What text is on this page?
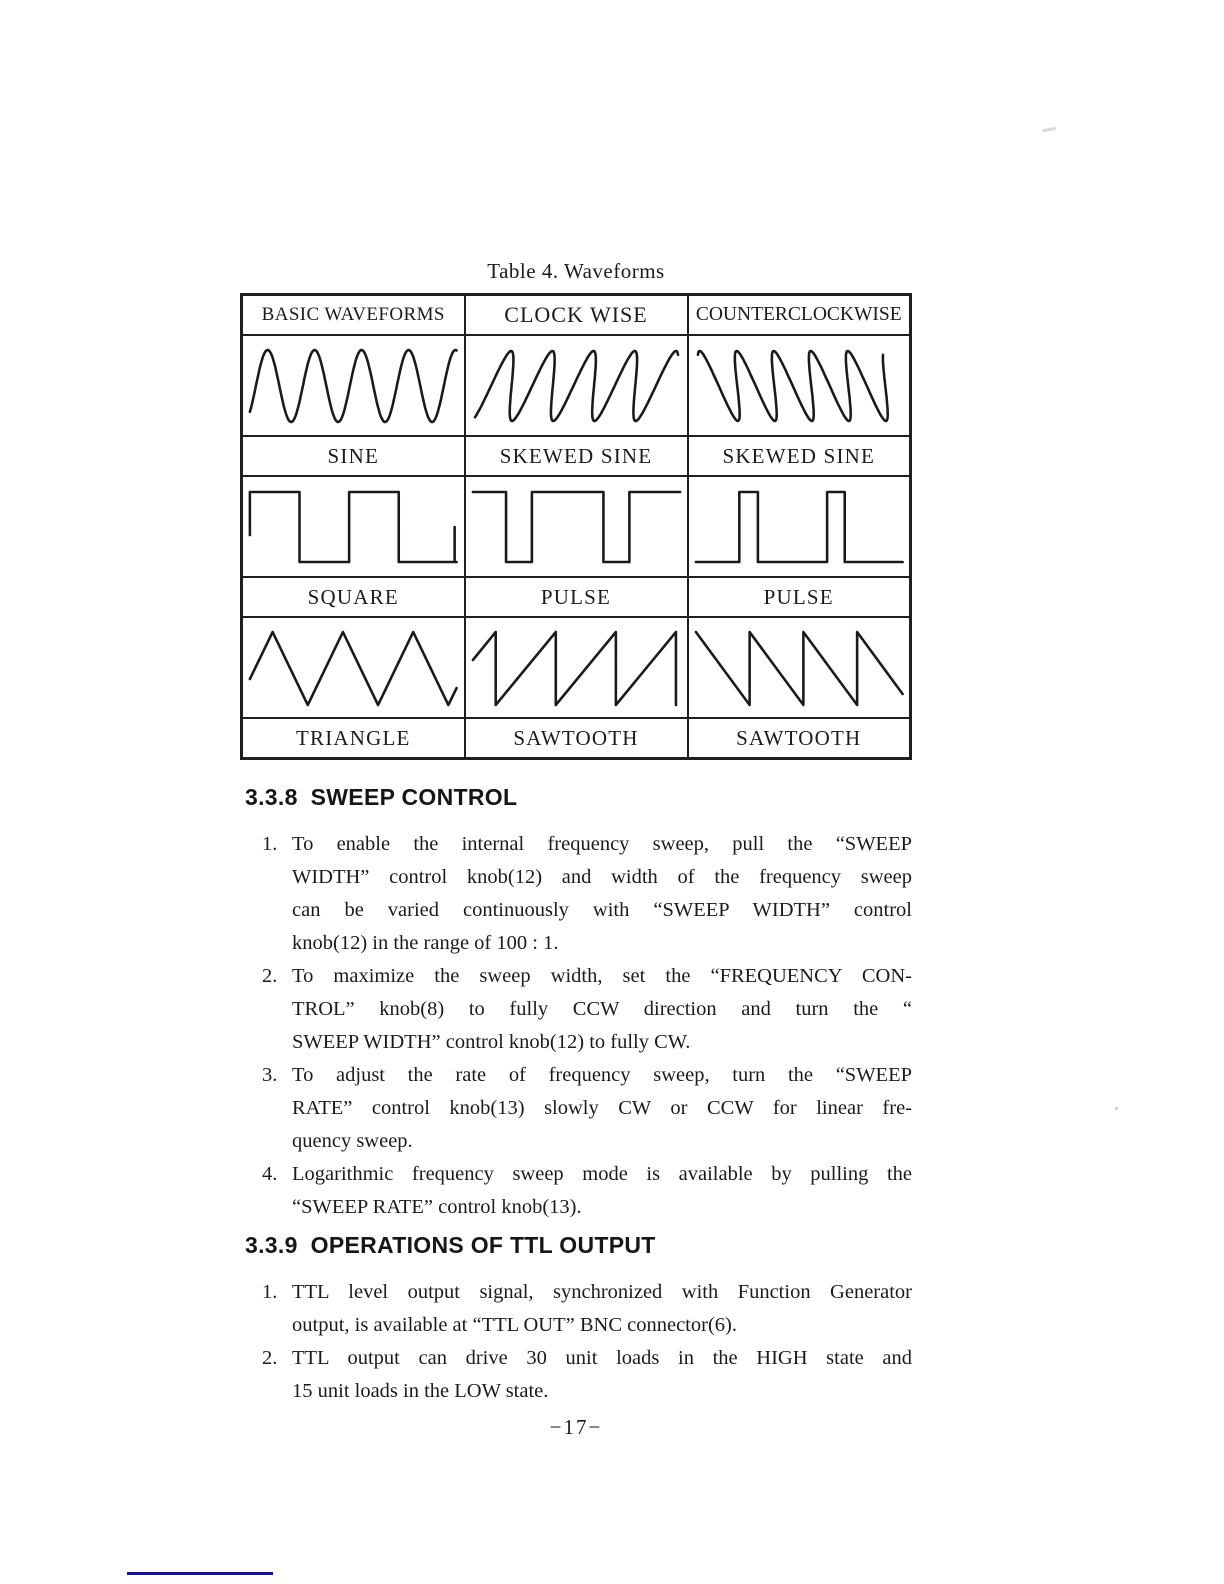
Table 4. Waveforms
BASIC WAVEFORMS	CLOCK WISE	COUNTERCLOCKWISE

SINE	SKEWED SINE	SKEWED SINE

SQUARE	PULSE	PULSE

TRIANGLE	SAWTOOTH	SAWTOOTH
3.3.8 SWEEP CONTROL
1. To enable the internal frequency sweep, pull the “SWEEP
WIDTH” control knob(12) and width of the frequency sweep
can be varied continuously with “SWEEP WIDTH” control
knob(12) in the range of 100 : 1.
2. To maximize the sweep width, set the “FREQUENCY CON-
TROL” knob(8) to fully CCW direction and turn the “
SWEEP WIDTH” control knob(12) to fully CW.
3. To adjust the rate of frequency sweep, turn the “SWEEP
RATE” control knob(13) slowly CW or CCW for linear fre-
quency sweep.
4. Logarithmic frequency sweep mode is available by pulling the
“SWEEP RATE” control knob(13).
3.3.9 OPERATIONS OF TTL OUTPUT
1. TTL level output signal, synchronized with Function Generator
output, is available at “TTL OUT” BNC connector(6).
2. TTL output can drive 30 unit loads in the HIGH state and
15 unit loads in the LOW state.
−17−
